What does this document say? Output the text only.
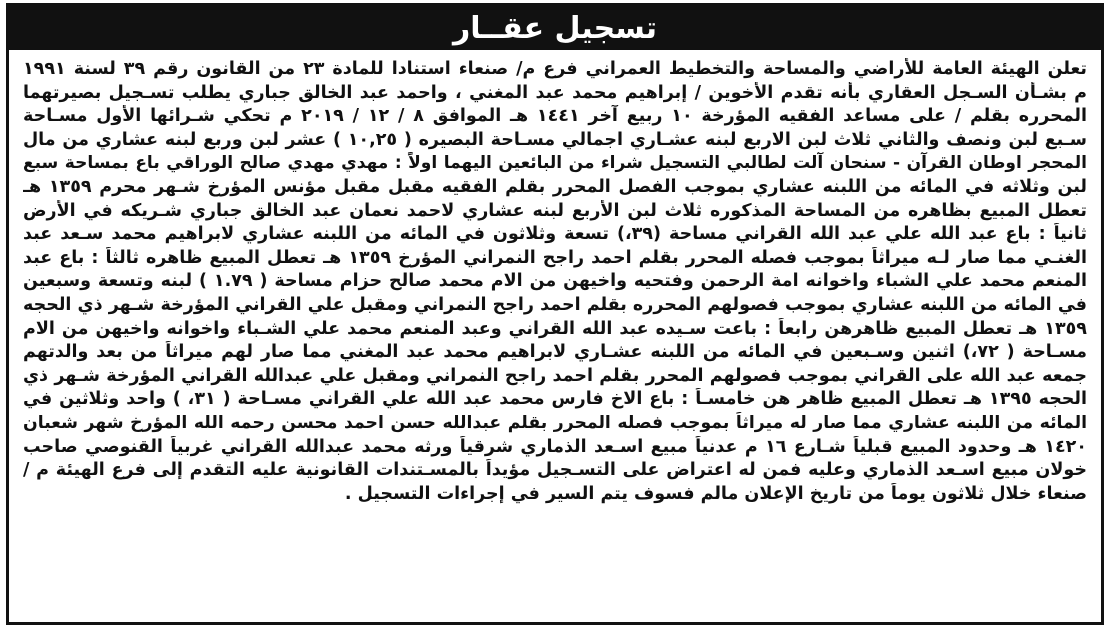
تسجيل عقــار
تعلن الهيئة العامة للأراضي والمساحة والتخطيط العمراني فرع م/ صنعاء استنادا للمادة ٢٣ من القانون رقم ٣٩ لسنة ١٩٩١
م بشـأن السـجل العقاري بأنه تقدم الأخوين / إبراهيم محمد عبد المغني ، واحمد عبد الخالق جباري يطلب تسـجيل بصيرتهما
المحرره بقلم / على مساعد الفقيه المؤرخة ١٠ ربيع آخر ١٤٤١ هـ الموافق ٨ / ١٢ / ٢٠١٩ م تحكي شـرائها الأول مسـاحة
سـبع لبن ونصف والثاني ثلاث لبن الاربع لبنه عشـاري اجمالي مسـاحة البصيره ( ١٠,٢٥ ) عشر لبن وربع لبنه عشاري من مال
المحجر اوطان القرآن - سنحان آلت لطالبي التسجيل شراء من البائعين اليهما اولاً : مهدي مهدي صالح الوراقي باع بمساحة سبع
لبن وثلاثه في المائه من اللبنه عشاري بموجب الفصل المحرر بقلم الفقيه مقبل مقبل مؤنس المؤرخ شـهر محرم ١٣٥٩ هـ
تعطل المبيع بظاهره من المساحة المذكوره ثلاث لبن الأربع لبنه عشاري لاحمد نعمان عبد الخالق جباري شـريكه في الأرض
ثانياً : باع عبد الله علي عبد الله القراني مساحة (٣٩،) تسعة وثلاثون في المائه من اللبنه عشاري لابراهيم محمد سـعد عبد
الغنـي مما صار لـه ميراثاً بموجب فصله المحرر بقلم احمد راجح النمراني المؤرخ ١٣٥٩ هـ تعطل المبيع ظاهره ثالثاً : باع عبد
المنعم محمد علي الشباء واخوانه امة الرحمن وفتحيه واخيهن من الام محمد صالح حزام مساحة ( ١.٧٩ ) لبنه وتسعة وسبعين
في المائه من اللبنه عشاري بموجب فصولهم المحرره بقلم احمد راجح النمراني ومقبل علي القراني المؤرخة شـهر ذي الحجه
١٣٥٩ هـ تعطل المبيع ظاهرهن رابعاً : باعت سـيده عبد الله القراني وعبد المنعم محمد علي الشـباء واخوانه واخيهن من الام
مسـاحة ( ٧٢،) اثنين وسـبعين في المائه من اللبنه عشـاري لابراهيم محمد عبد المغني مما صار لهم ميراثاً من بعد والدتهم
جمعه عبد الله على القراني بموجب فصولهم المحرر بقلم احمد راجح النمراني ومقبل علي عبدالله القراني المؤرخة شـهر ذي
الحجه ١٣٩٥ هـ تعطل المبيع ظاهر هن خامسـاً : باع الاخ فارس محمد عبد الله علي القراني مسـاحة ( ٣١، ) واحد وثلاثين في
المائه من اللبنه عشاري مما صار له ميراثاً بموجب فصله المحرر بقلم عبدالله حسن احمد محسن رحمه الله المؤرخ شهر شعبان
١٤٢٠ هـ وحدود المبيع قبلياً شـارع ١٦ م عدنياً مبيع اسـعد الذماري شرقياً ورثه محمد عبدالله القراني غربياً القنوصي صاحب
خولان مبيع اسـعد الذماري وعليه فمن له اعتراض على التسـجيل مؤيداً بالمسـتندات القانونية عليه التقدم إلى فرع الهيئة م /
صنعاء خلال ثلاثون يوماً من تاريخ الإعلان مالم فسوف يتم السير في إجراءات التسجيل .
